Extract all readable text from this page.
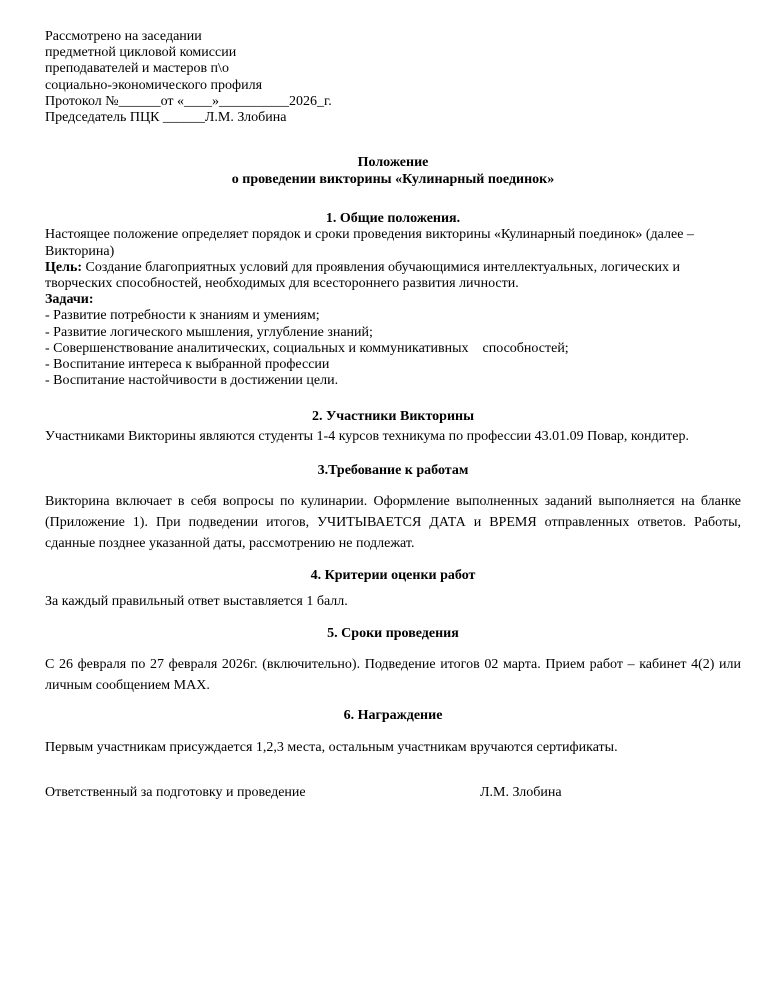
Рассмотрено на заседании
предметной цикловой комиссии
преподавателей и мастеров п\о
социально-экономического профиля
Протокол №______от «____»__________2026_г.
Председатель ПЦК ______Л.М. Злобина
Положение
о проведении викторины «Кулинарный поединок»
1. Общие положения.
Настоящее положение определяет порядок и сроки проведения викторины «Кулинарный поединок» (далее – Викторина)
Цель: Создание благоприятных условий для проявления обучающимися интеллектуальных, логических и творческих способностей, необходимых для всестороннего развития личности.
Задачи:
- Развитие потребности к знаниям и умениям;
- Развитие логического мышления, углубление знаний;
- Совершенствование аналитических, социальных и коммуникативных    способностей;
- Воспитание интереса к выбранной профессии
- Воспитание настойчивости в достижении цели.
2. Участники Викторины
Участниками Викторины являются студенты 1-4 курсов техникума по профессии 43.01.09 Повар, кондитер.
3.Требование к работам
Викторина включает в себя вопросы по кулинарии. Оформление выполненных заданий выполняется на бланке (Приложение 1). При подведении итогов, УЧИТЫВАЕТСЯ ДАТА и ВРЕМЯ отправленных ответов. Работы, сданные позднее указанной даты, рассмотрению не подлежат.
4. Критерии оценки работ
За каждый правильный ответ выставляется 1 балл.
5. Сроки проведения
С 26 февраля по 27 февраля 2026г. (включительно). Подведение итогов 02 марта. Прием работ – кабинет 4(2) или личным сообщением МАХ.
6. Награждение
Первым участникам присуждается 1,2,3 места, остальным участникам вручаются сертификаты.
Ответственный за подготовку и проведение	Л.М. Злобина
